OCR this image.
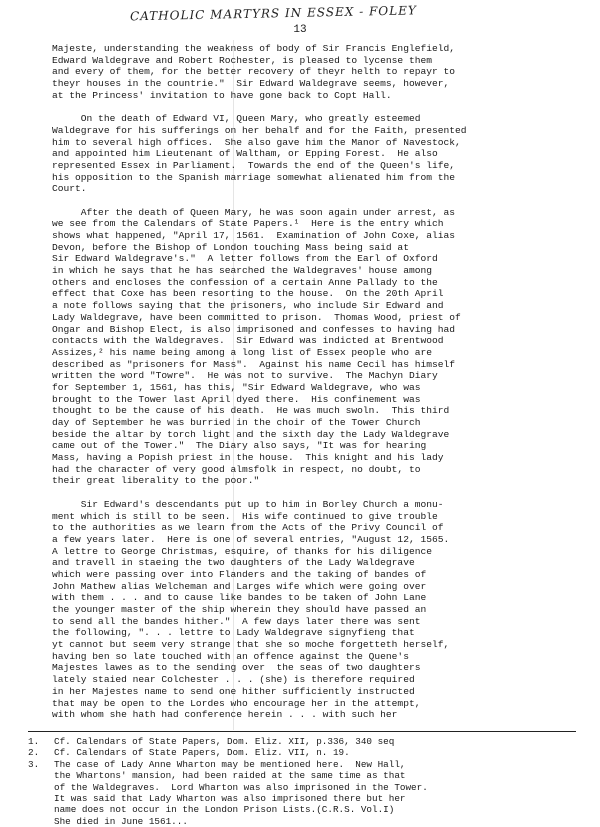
CATHOLIC MARTYRS IN ESSEX - FOLEY
13
Majeste, understanding the weakness of body of Sir Francis Englefield,
Edward Waldegrave and Robert Rochester, is pleased to lycense them
and every of them, for the better recovery of theyr helth to repayr to
theyr houses in the countrie."  Sir Edward Waldegrave seems, however,
at the Princess' invitation to have gone back to Copt Hall.
On the death of Edward VI, Queen Mary, who greatly esteemed
Waldegrave for his sufferings on her behalf and for the Faith, presented
him to several high offices.  She also gave him the Manor of Navestock,
and appointed him Lieutenant of Waltham, or Epping Forest.  He also
represented Essex in Parliament.  Towards the end of the Queen's life,
his opposition to the Spanish marriage somewhat alienated him from the
Court.
After the death of Queen Mary, he was soon again under arrest, as
we see from the Calendars of State Papers.¹  Here is the entry which
shows what happened, "April 17, 1561.  Examination of John Coxe, alias
Devon, before the Bishop of London touching Mass being said at
Sir Edward Waldegrave's."  A letter follows from the Earl of Oxford
in which he says that he has searched the Waldegraves' house among
others and encloses the confession of a certain Anne Pallady to the
effect that Coxe has been resorting to the house.  On the 20th April
a note follows saying that the prisoners, who include Sir Edward and
Lady Waldegrave, have been committed to prison.  Thomas Wood, priest of
Ongar and Bishop Elect, is also imprisoned and confesses to having had
contacts with the Waldegraves.  Sir Edward was indicted at Brentwood
Assizes,² his name being among a long list of Essex people who are
described as "prisoners for Mass".  Against his name Cecil has himself
written the word "Towre".  He was not to survive.  The Machyn Diary
for September 1, 1561, has this, "Sir Edward Waldegrave, who was
brought to the Tower last April dyed there.  His confinement was
thought to be the cause of his death.  He was much swoln.  This third
day of September he was burried in the choir of the Tower Church
beside the altar by torch light and the sixth day the Lady Waldegrave
came out of the Tower."  The Diary also says, "It was for hearing
Mass, having a Popish priest in the house.  This knight and his lady
had the character of very good almsfolk in respect, no doubt, to
their great liberality to the poor."
Sir Edward's descendants put up to him in Borley Church a monu-
ment which is still to be seen.  His wife continued to give trouble
to the authorities as we learn from the Acts of the Privy Council of
a few years later.  Here is one of several entries, "August 12, 1565.
A lettre to George Christmas, esquire, of thanks for his diligence
and travell in staeing the two daughters of the Lady Waldegrave
which were passing over into Flanders and the taking of bandes of
John Mathew alias Welcheman and Larges wife which were going over
with them . . . and to cause like bandes to be taken of John Lane
the younger master of the ship wherein they should have passed an
to send all the bandes hither."  A few days later there was sent
the following, ". . . lettre to Lady Waldegrave signyfieng that
yt cannot but seem very strange that she so moche forgetteth herself,
having ben so late touched with an offence against the Quene's
Majestes lawes as to the sending over  the seas of two daughters
lately staied near Colchester . . . (she) is therefore required
in her Majestes name to send one hither sufficiently instructed
that may be open to the Lordes who encourage her in the attempt,
with whom she hath had conference herein . . . with such her
1. Cf. Calendars of State Papers, Dom. Eliz. XII, p.336, 340 seq
2. Cf. Calendars of State Papers, Dom. Eliz. VII, n. 19.
3. The case of Lady Anne Wharton may be mentioned here.  New Hall,
the Whartons' mansion, had been raided at the same time as that
of the Waldegraves.  Lord Wharton was also imprisoned in the Tower.
It was said that Lady Wharton was also imprisoned there but her
name does not occur in the London Prison Lists.(C.R.S. Vol.I)
She died in June 1561...
